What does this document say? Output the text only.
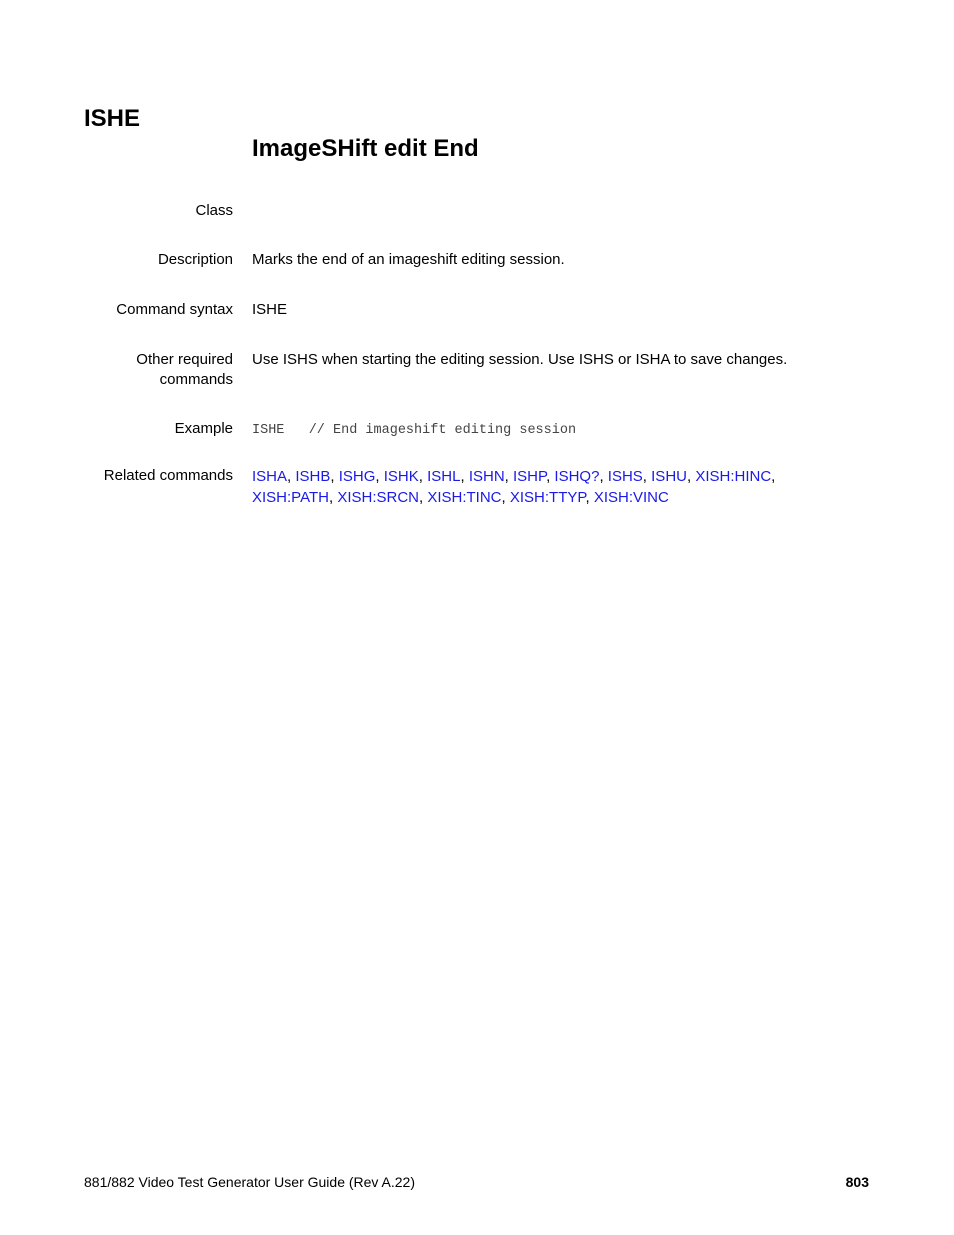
ISHE
ImageSHift edit End
Class
Description Marks the end of an imageshift editing session.
Command syntax ISHE
Other required
commands
Use ISHS when starting the editing session. Use ISHS or ISHA to save changes.
Example ISHE   // End imageshift editing session
Related commands ISHA, ISHB, ISHG, ISHK, ISHL, ISHN, ISHP, ISHQ?, ISHS, ISHU, XISH:HINC,
XISH:PATH, XISH:SRCN, XISH:TINC, XISH:TTYP, XISH:VINC
881/882 Video Test Generator User Guide (Rev A.22)	803
